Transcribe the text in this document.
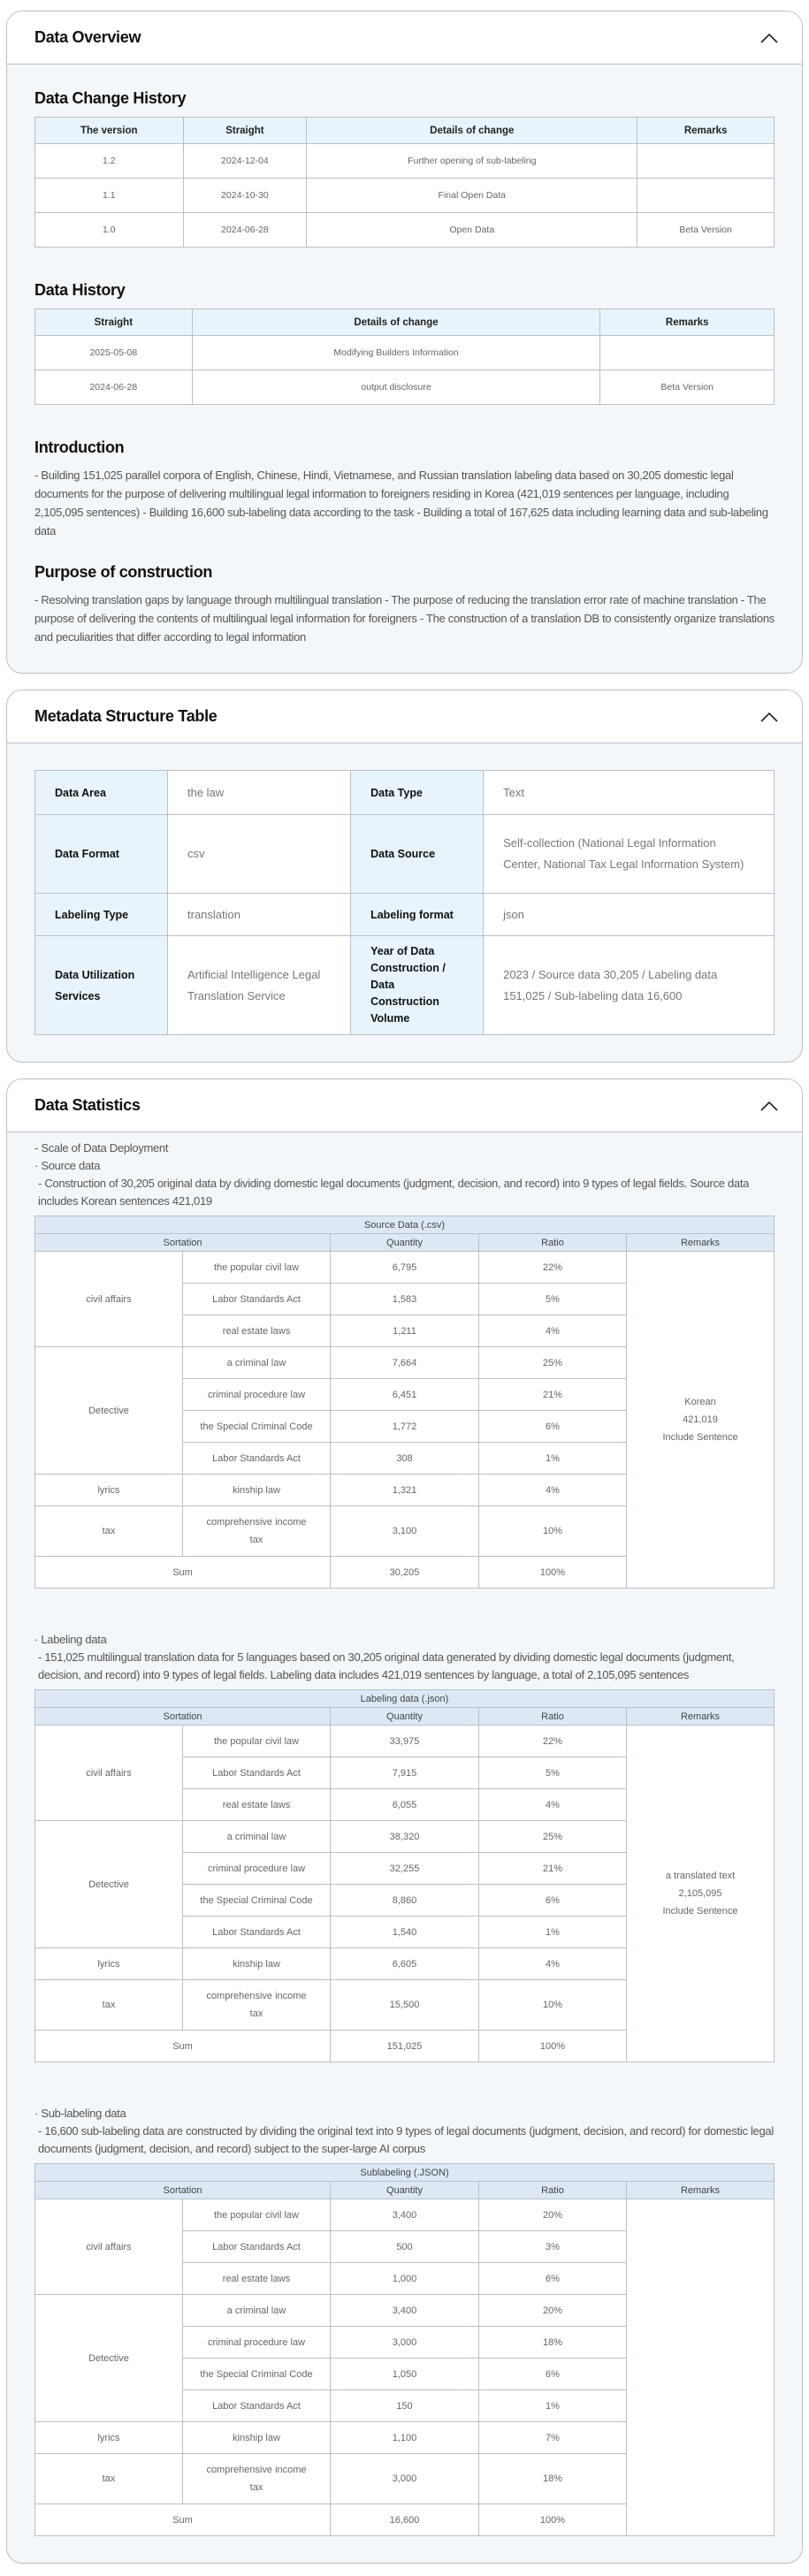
Data Overview
Data Change History
The version	Straight	Details of change	Remarks
1.2	2024-12-04	Further opening of sub-labeling	
1.1	2024-10-30	Final Open Data	
1.0	2024-06-28	Open Data	Beta Version
Data History
Straight	Details of change	Remarks
2025-05-08	Modifying Builders Information	
2024-06-28	output disclosure	Beta Version
Introduction

- Building 151,025 parallel corpora of English, Chinese, Hindi, Vietnamese, and Russian translation labeling data based on 30,205 domestic legal documents for the purpose of delivering multilingual legal information to foreigners residing in Korea (421,019 sentences per language, including 2,105,095 sentences) - Building 16,600 sub-labeling data according to the task - Building a total of 167,625 data including learning data and sub-labeling data

Purpose of construction

- Resolving translation gaps by language through multilingual translation - The purpose of reducing the translation error rate of machine translation - The purpose of delivering the contents of multilingual legal information for foreigners - The construction of a translation DB to consistently organize translations and peculiarities that differ according to legal information

Metadata Structure Table
Data Area	the law	Data Type	Text
Data Format	csv	Data Source	Self-collection (National Legal Information Center, National Tax Legal Information System)
Labeling Type	translation	Labeling format	json
Data Utilization Services	Artificial Intelligence Legal Translation Service	Year of Data Construction / Data Construction Volume	2023 / Source data 30,205 / Labeling data 151,025 / Sub-labeling data 16,600
Data Statistics
- Scale of Data Deployment
· Source data
- Construction of 30,205 original data by dividing domestic legal documents (judgment, decision, and record) into 9 types of legal fields. Source data includes Korean sentences 421,019
Source Data (.csv)				
Sortation		Quantity	Ratio	Remarks
civil affairs	the popular civil law	6,795	22%	Korean
421,019
Include Sentence

	Labor Standards Act	1,583	5%	
	real estate laws	1,211	4%	
Detective	a criminal law	7,664	25%	
	criminal procedure law	6,451	21%	
	the Special Criminal Code	1,772	6%	
	Labor Standards Act	308	1%	
lyrics	kinship law	1,321	4%	
tax	comprehensive income tax	3,100	10%	
Sum		30,205	100%	
· Labeling data
- 151,025 multilingual translation data for 5 languages based on 30,205 original data generated by dividing domestic legal documents (judgment, decision, and record) into 9 types of legal fields. Labeling data includes 421,019 sentences by language, a total of 2,105,095 sentences
Labeling data (.json)				
Sortation		Quantity	Ratio	Remarks
civil affairs	the popular civil law	33,975	22%	a translated text
2,105,095
Include Sentence

	Labor Standards Act	7,915	5%	
	real estate laws	6,055	4%	
Detective	a criminal law	38,320	25%	
	criminal procedure law	32,255	21%	
	the Special Criminal Code	8,860	6%	
	Labor Standards Act	1,540	1%	
lyrics	kinship law	6,605	4%	
tax	comprehensive income tax	15,500	10%	
Sum		151,025	100%	
· Sub-labeling data
- 16,600 sub-labeling data are constructed by dividing the original text into 9 types of legal documents (judgment, decision, and record) for domestic legal documents (judgment, decision, and record) subject to the super-large AI corpus
Sublabeling (.JSON)				
Sortation		Quantity	Ratio	Remarks
civil affairs	the popular civil law	3,400	20%	
	Labor Standards Act	500	3%	
	real estate laws	1,000	6%	
Detective	a criminal law	3,400	20%	
	criminal procedure law	3,000	18%	
	the Special Criminal Code	1,050	6%	
	Labor Standards Act	150	1%	
lyrics	kinship law	1,100	7%	
tax	comprehensive income tax	3,000	18%	
Sum		16,600	100%	
